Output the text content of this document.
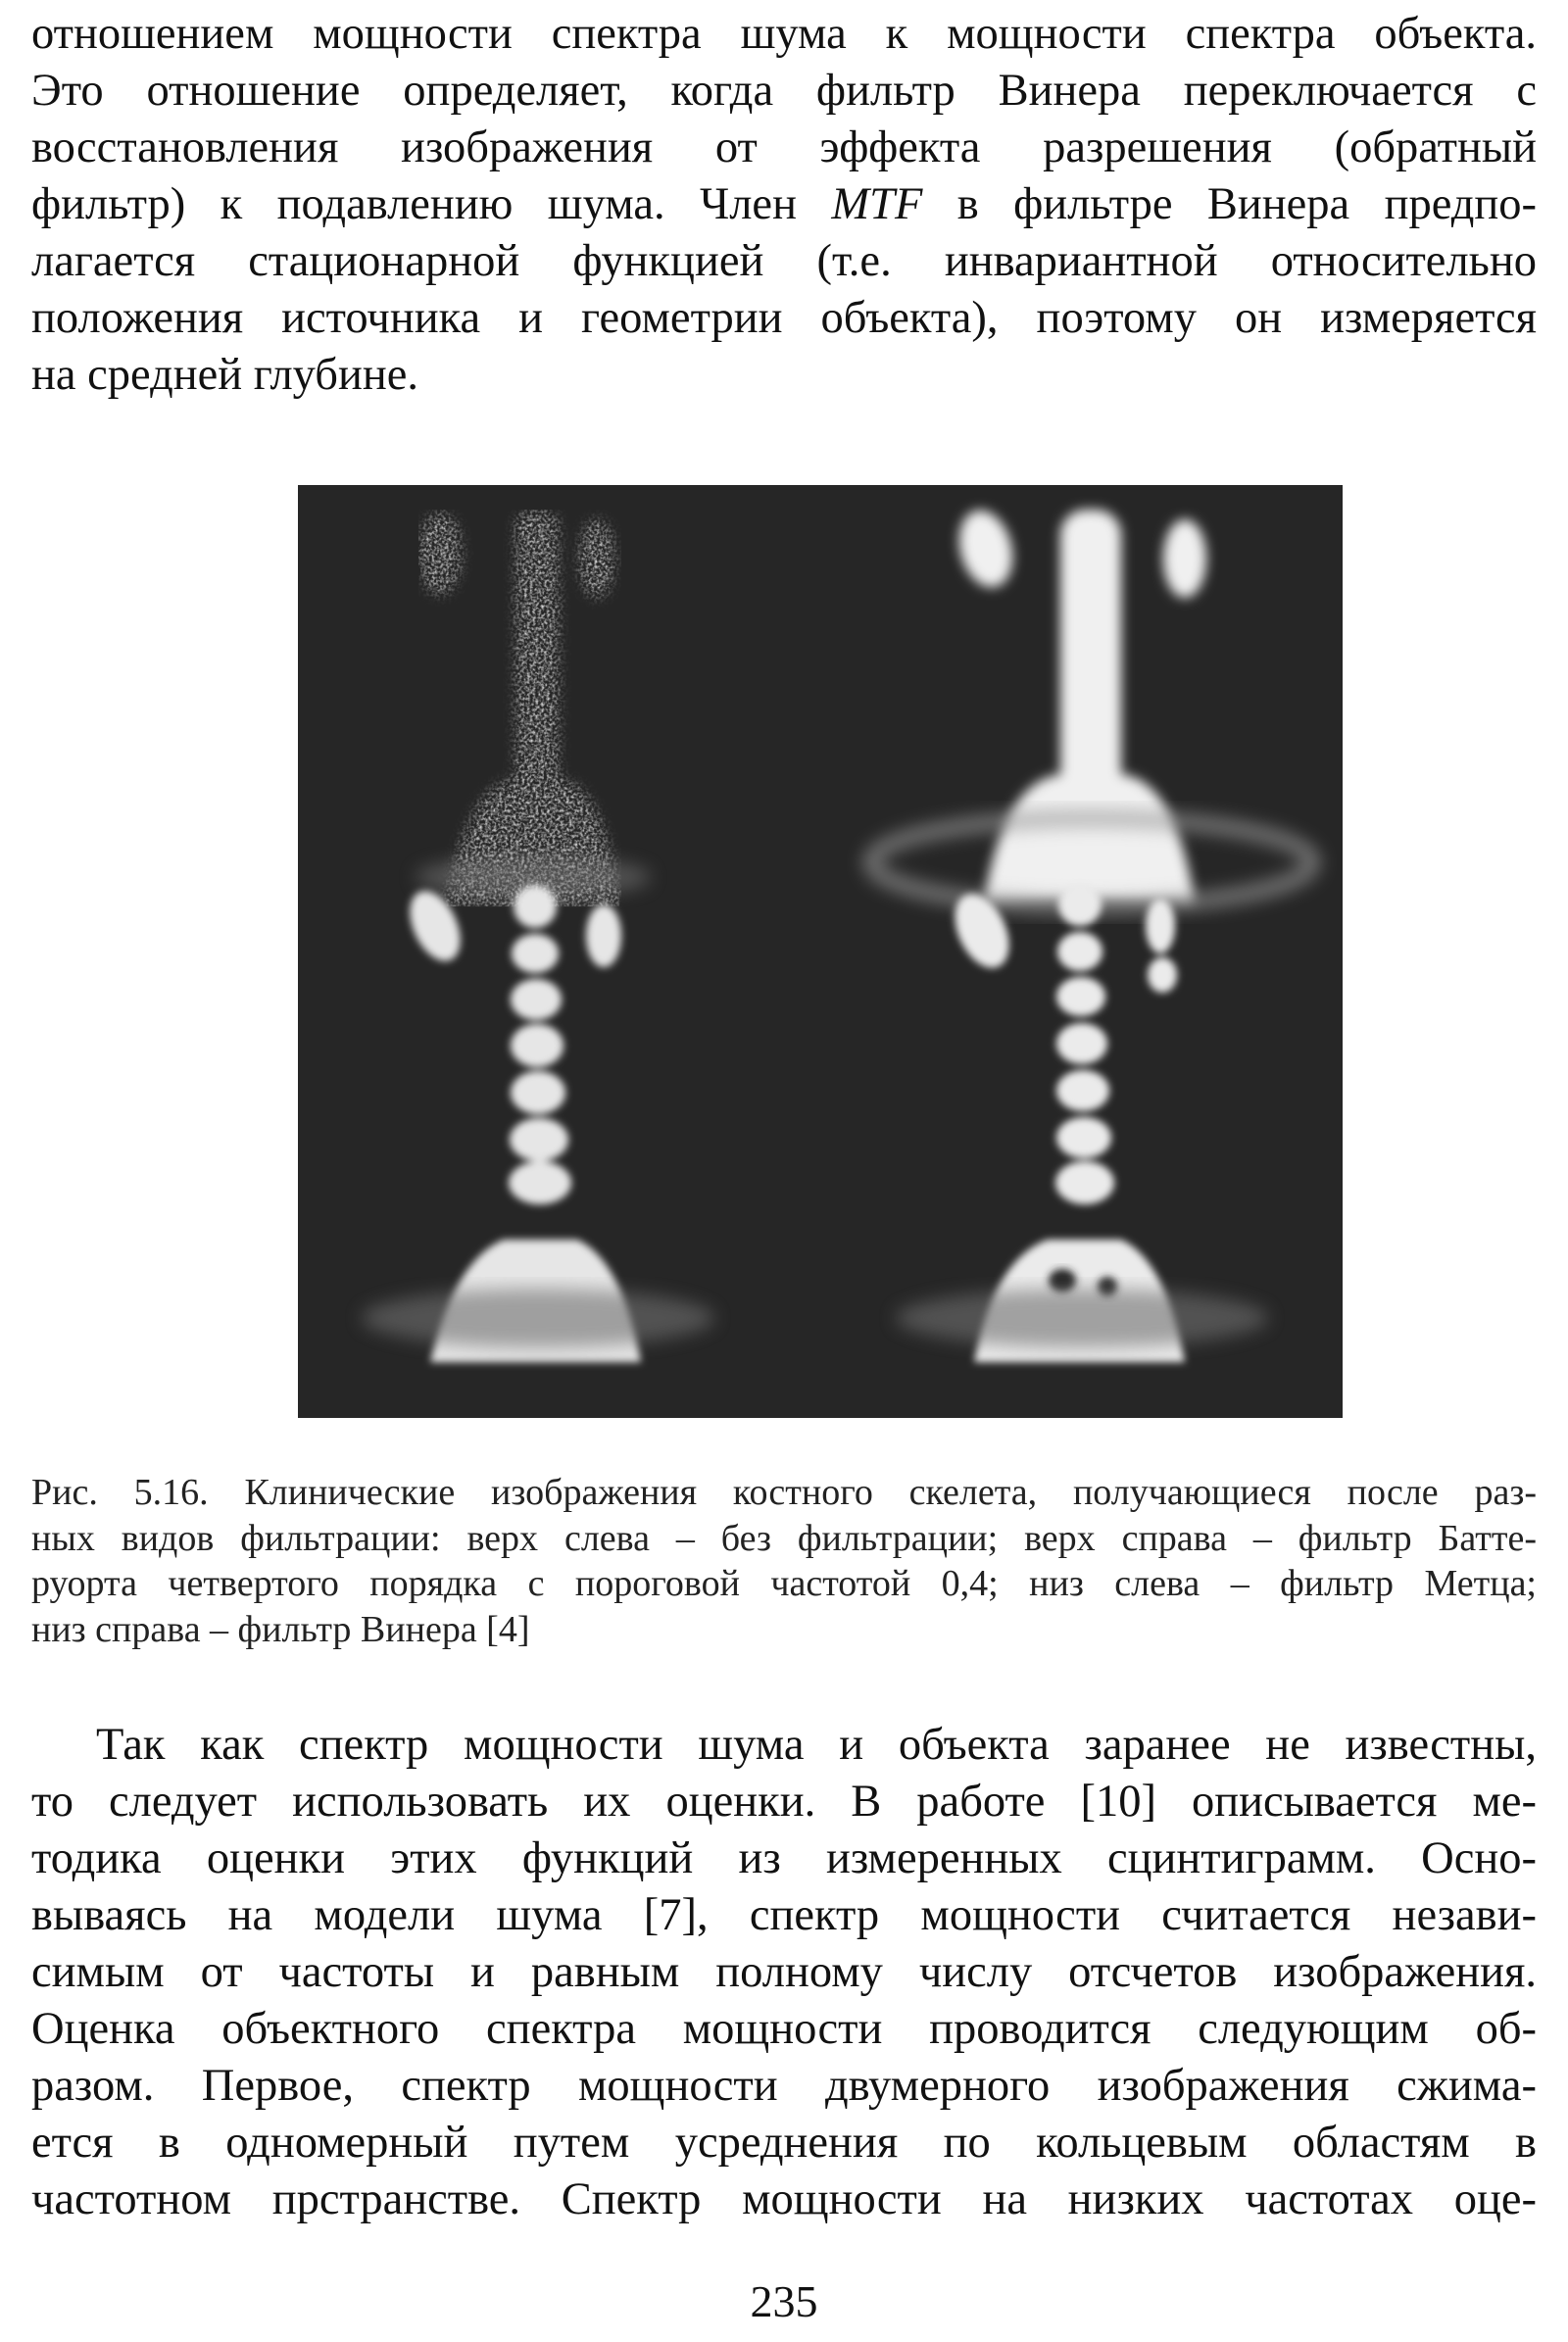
отношением мощности спектра шума к мощности спектра объекта.
Это отношение определяет, когда фильтр Винера переключается с
восстановления изображения от эффекта разрешения (обратный
фильтр) к подавлению шума. Член MTF в фильтре Винера предпо-
лагается стационарной функцией (т.е. инвариантной относительно
положения источника и геометрии объекта), поэтому он измеряется
на средней глубине.
Рис. 5.16. Клинические изображения костного скелета, получающиеся после раз-
ных видов фильтрации: верх слева – без фильтрации; верх справа – фильтр Батте-
руорта четвертого порядка с пороговой частотой 0,4; низ слева – фильтр Метца;
низ справа – фильтр Винера [4]
Так как спектр мощности шума и объекта заранее не известны,
то следует использовать их оценки. В работе [10] описывается ме-
тодика оценки этих функций из измеренных сцинтиграмм. Осно-
вываясь на модели шума [7], спектр мощности считается незави-
симым от частоты и равным полному числу отсчетов изображения.
Оценка объектного спектра мощности проводится следующим об-
разом. Первое, спектр мощности двумерного изображения сжима-
ется в одномерный путем усреднения по кольцевым областям в
частотном прстранстве. Спектр мощности на низких частотах оце-
235
